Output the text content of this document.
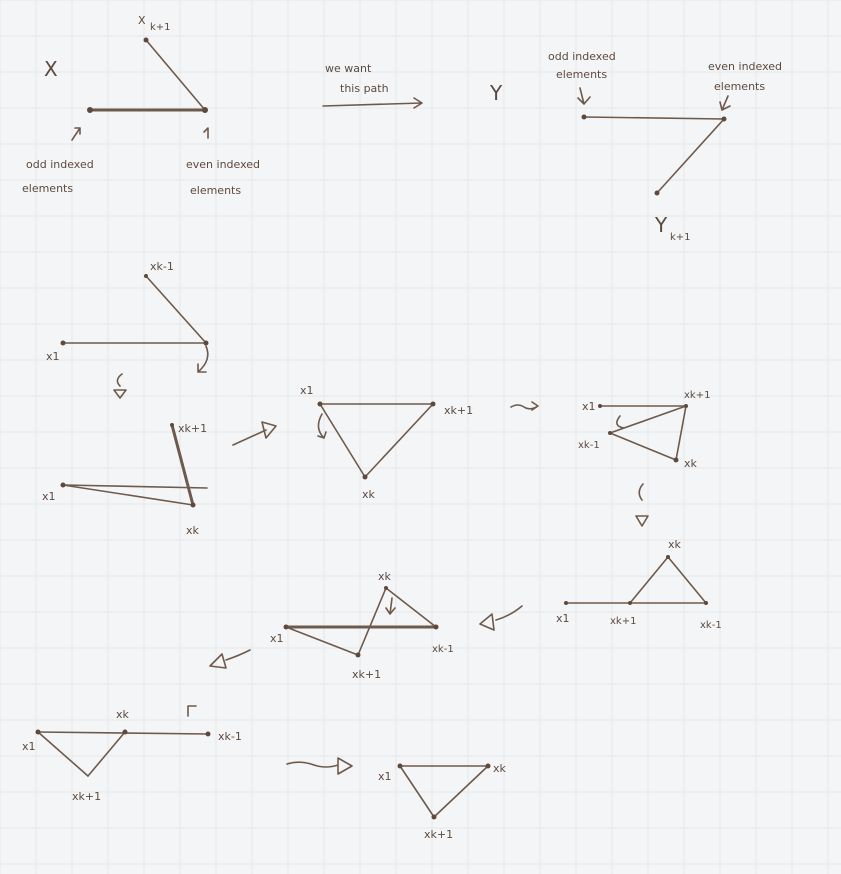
X
X
k+1
odd indexed
elements
even indexed
elements
we want
this path	Y
odd indexed
elements
even indexed
elements
Y
k+1
xk-1
x1
xk+1
x1
xk
x1
xk+1
xk
x1
xk+1
xk-1
xk
xk
x1	xk+1	xk-1
xk
x1
xk-1
xk+1
xk
x1
xk-1
xk+1
x1
xk
xk+1
